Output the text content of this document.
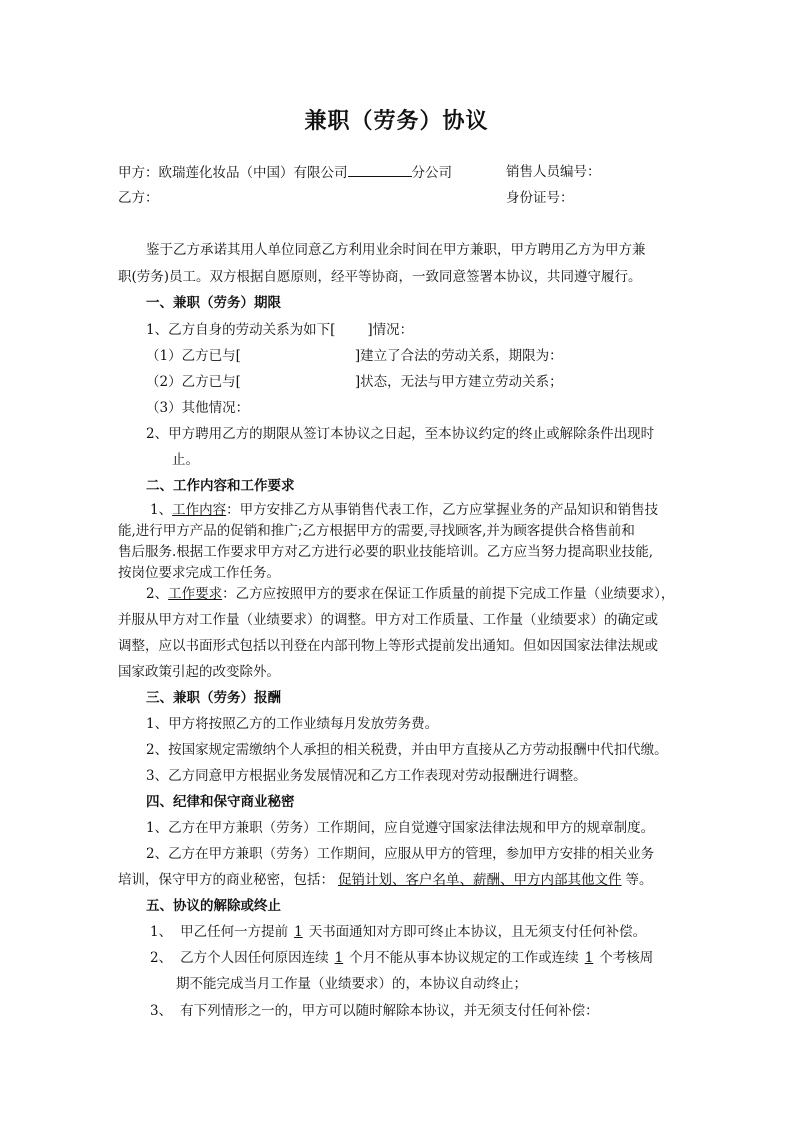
兼职（劳务）协议
甲方：欧瑞莲化妆品（中国）有限公司	分公司	销售人员编号：
乙方：	身份证号：
鉴于乙方承诺其用人单位同意乙方利用业余时间在甲方兼职，甲方聘用乙方为甲方兼
职(劳务)员工。双方根据自愿原则，经平等协商，一致同意签署本协议，共同遵守履行。
一、兼职（劳务）期限
1、乙方自身的劳动关系为如下[ ]情况：
（1）乙方已与[	]建立了合法的劳动关系，期限为：
（2）乙方已与[	]状态，无法与甲方建立劳动关系；
（3）其他情况：
2、甲方聘用乙方的期限从签订本协议之日起，至本协议约定的终止或解除条件出现时
止。
二、工作内容和工作要求
1、工作内容：甲方安排乙方从事销售代表工作，乙方应掌握业务的产品知识和销售技
能,进行甲方产品的促销和推广;乙方根据甲方的需要,寻找顾客,并为顾客提供合格售前和
售后服务.根据工作要求甲方对乙方进行必要的职业技能培训。乙方应当努力提高职业技能,
按岗位要求完成工作任务。
2、工作要求：乙方应按照甲方的要求在保证工作质量的前提下完成工作量（业绩要求），
并服从甲方对工作量（业绩要求）的调整。甲方对工作质量、工作量（业绩要求）的确定或
调整，应以书面形式包括以刊登在内部刊物上等形式提前发出通知。但如因国家法律法规或
国家政策引起的改变除外。
三、兼职（劳务）报酬
1、甲方将按照乙方的工作业绩每月发放劳务费。
2、按国家规定需缴纳个人承担的相关税费，并由甲方直接从乙方劳动报酬中代扣代缴。
3、乙方同意甲方根据业务发展情况和乙方工作表现对劳动报酬进行调整。
四、纪律和保守商业秘密
1、乙方在甲方兼职（劳务）工作期间，应自觉遵守国家法律法规和甲方的规章制度。
2、乙方在甲方兼职（劳务）工作期间，应服从甲方的管理，参加甲方安排的相关业务
培训，保守甲方的商业秘密，包括： 促销计划、客户名单、薪酬、甲方内部其他文件 等。
五、协议的解除或终止
1、 甲乙任何一方提前 1 天书面通知对方即可终止本协议，且无须支付任何补偿。
2、 乙方个人因任何原因连续 1 个月不能从事本协议规定的工作或连续 1 个考核周
期不能完成当月工作量（业绩要求）的，本协议自动终止；
3、 有下列情形之一的，甲方可以随时解除本协议，并无须支付任何补偿：
